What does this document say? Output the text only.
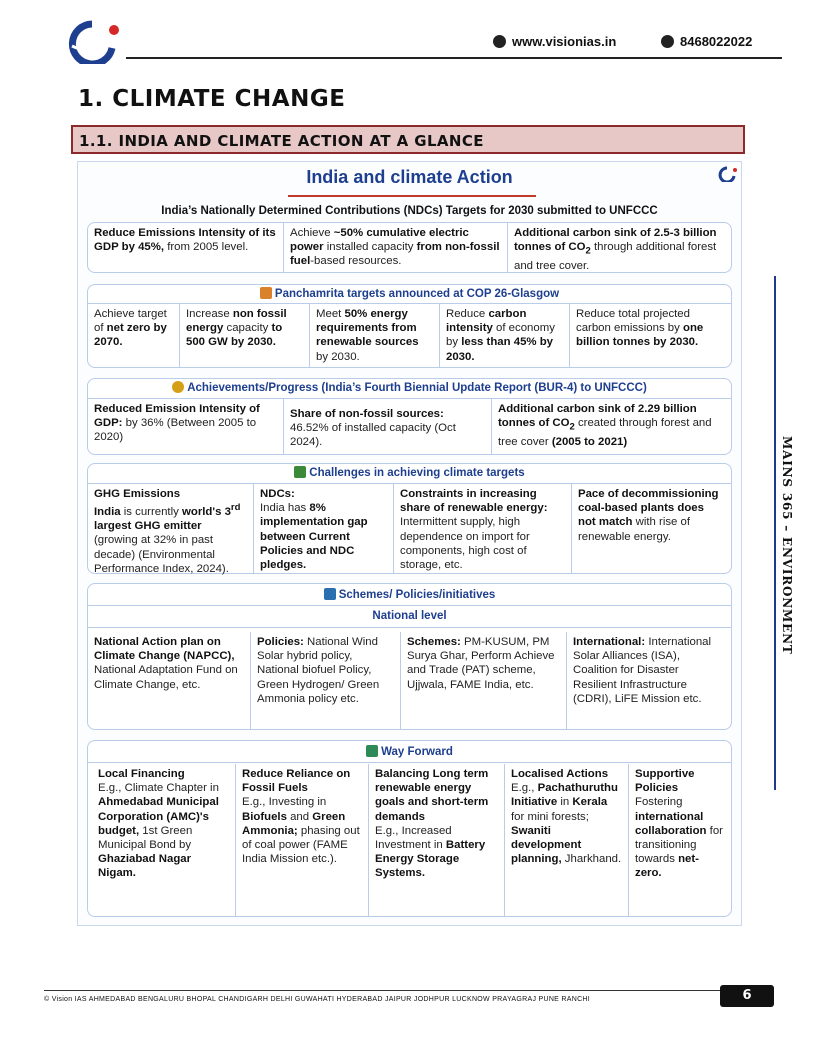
www.visionias.in	8468022022
1. CLIMATE CHANGE
1.1. INDIA AND CLIMATE ACTION AT A GLANCE
MAINS 365 – ENVIRONMENT
India and climate Action
India’s Nationally Determined Contributions (NDCs) Targets for 2030 submitted to UNFCCC
Reduce Emissions Intensity of its GDP by 45%, from 2005 level.
Achieve ~50% cumulative electric power installed capacity from non-fossil fuel-based resources.
Additional carbon sink of 2.5-3 billion tonnes of $CO_2$ through additional forest and tree cover.
Panchamrita targets announced at COP 26-Glasgow
Achieve target of net zero by 2070.
Increase non fossil energy capacity to 500 GW by 2030.
Meet 50% energy requirements from renewable sources by 2030.
Reduce carbon intensity of economy by less than 45% by 2030.
Reduce total projected carbon emissions by one billion tonnes by 2030.
Achievements/Progress (India’s Fourth Biennial Update Report (BUR-4) to UNFCCC)
Reduced Emission Intensity of GDP: by 36% (Between 2005 to 2020)
Share of non-fossil sources: 46.52% of installed capacity (Oct 2024).
Additional carbon sink of 2.29 billion tonnes of $CO_2$ created through forest and tree cover (2005 to 2021)
Challenges in achieving climate targets
GHG Emissions
India is currently world's 3rd largest GHG emitter (growing at 32% in past decade) (Environmental Performance Index, 2024).
NDCs:
India has 8% implementation gap between Current Policies and NDC pledges.
Constraints in increasing share of renewable energy: Intermittent supply, high dependence on import for components, high cost of storage, etc.
Pace of decommissioning coal-based plants does not match with rise of renewable energy.
Schemes/ Policies/initiatives
National level
National Action plan on Climate Change (NAPCC), National Adaptation Fund on Climate Change, etc.
Policies: National Wind Solar hybrid policy, National biofuel Policy, Green Hydrogen/ Green Ammonia policy etc.
Schemes: PM-KUSUM, PM Surya Ghar, Perform Achieve and Trade (PAT) scheme, Ujjwala, FAME India, etc.
International: International Solar Alliances (ISA), Coalition for Disaster Resilient Infrastructure (CDRI), LiFE Mission etc.
Way Forward
Local Financing
E.g., Climate Chapter in Ahmedabad Municipal Corporation (AMC)'s budget, 1st Green Municipal Bond by Ghaziabad Nagar Nigam.
Reduce Reliance on Fossil Fuels
E.g., Investing in Biofuels and Green Ammonia; phasing out of coal power (FAME India Mission etc.).
Balancing Long term renewable energy goals and short-term demands
E.g., Increased Investment in Battery Energy Storage Systems.
Localised Actions
E.g., Pachathuruthu Initiative in Kerala for mini forests; Swaniti development planning, Jharkhand.
Supportive Policies
Fostering international collaboration for transitioning towards net-zero.
© Vision IAS AHMEDABAD BENGALURU BHOPAL CHANDIGARH DELHI GUWAHATI HYDERABAD JAIPUR JODHPUR LUCKNOW PRAYAGRAJ PUNE RANCHI	6
